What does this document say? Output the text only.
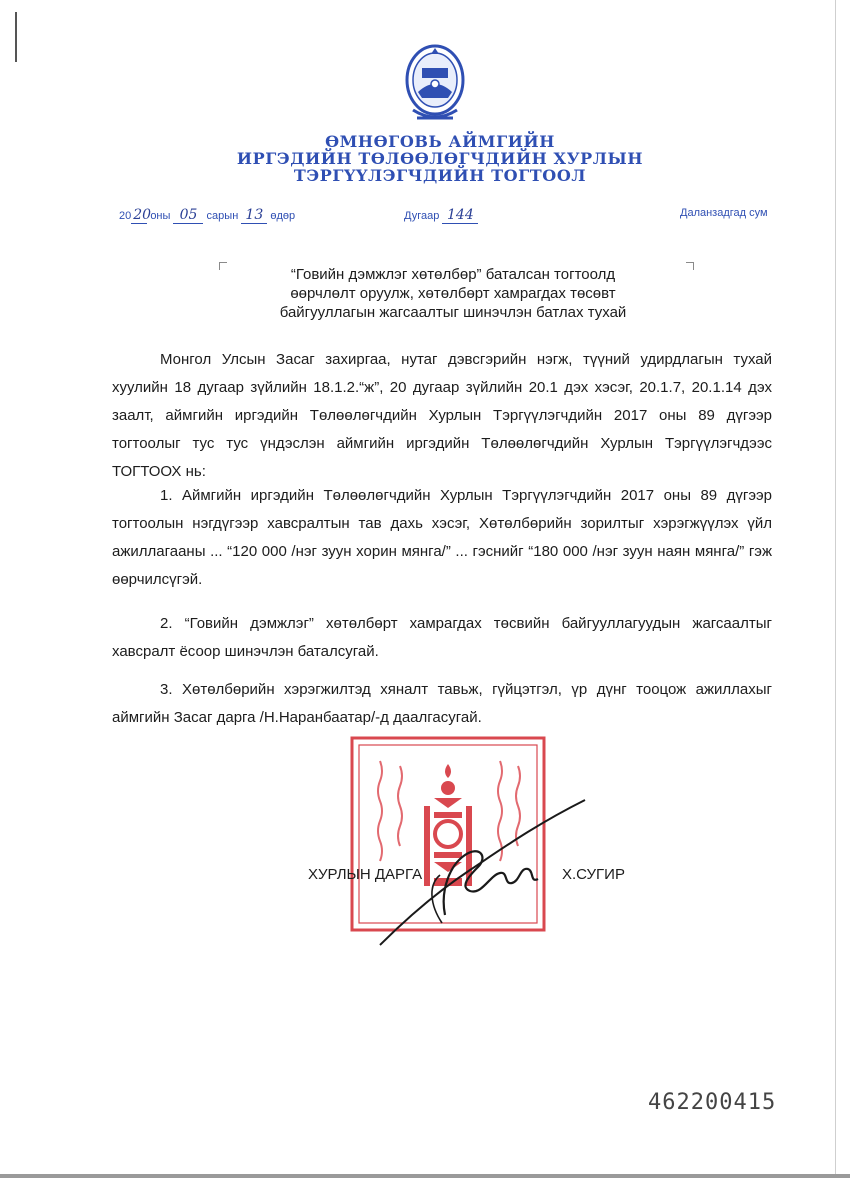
ӨМНӨГОВЬ АЙМГИЙН
ИРГЭДИЙН ТӨЛӨӨЛӨГЧДИЙН ХУРЛЫН
ТЭРГҮҮЛЭГЧДИЙН ТОГТООЛ
20 20 оны 05 сарын 13 өдөр	Дугаар 144	Даланзадгад сум
“Говийн дэмжлэг хөтөлбөр” баталсан тогтоолд
өөрчлөлт оруулж, хөтөлбөрт хамрагдах төсөвт
байгууллагын жагсаалтыг шинэчлэн батлах тухай

Монгол Улсын Засаг захиргаа, нутаг дэвсгэрийн нэгж, түүний удирдлагын тухай хуулийн 18 дугаар зүйлийн 18.1.2.“ж”, 20 дугаар зүйлийн 20.1 дэх хэсэг, 20.1.7, 20.1.14 дэх заалт, аймгийн иргэдийн Төлөөлөгчдийн Хурлын Тэргүүлэгчдийн 2017 оны 89 дүгээр тогтоолыг тус тус үндэслэн аймгийн иргэдийн Төлөөлөгчдийн Хурлын Тэргүүлэгчдээс ТОГТООХ нь:

1. Аймгийн иргэдийн Төлөөлөгчдийн Хурлын Тэргүүлэгчдийн 2017 оны 89 дүгээр тогтоолын нэгдүгээр хавсралтын тав дахь хэсэг, Хөтөлбөрийн зорилтыг хэрэгжүүлэх үйл ажиллагааны ... “120 000 /нэг зуун хорин мянга/” ... гэснийг “180 000 /нэг зуун наян мянга/” гэж өөрчилсүгэй.

2. “Говийн дэмжлэг” хөтөлбөрт хамрагдах төсвийн байгууллагуудын жагсаалтыг хавсралт ёсоор шинэчлэн баталсугай.

3. Хөтөлбөрийн хэрэгжилтэд хяналт тавьж, гүйцэтгэл, үр дүнг тооцож ажиллахыг аймгийн Засаг дарга /Н.Наранбаатар/-д даалгасугай.

ХУРЛЫН ДАРГА	Х.СУГИР
462200415
